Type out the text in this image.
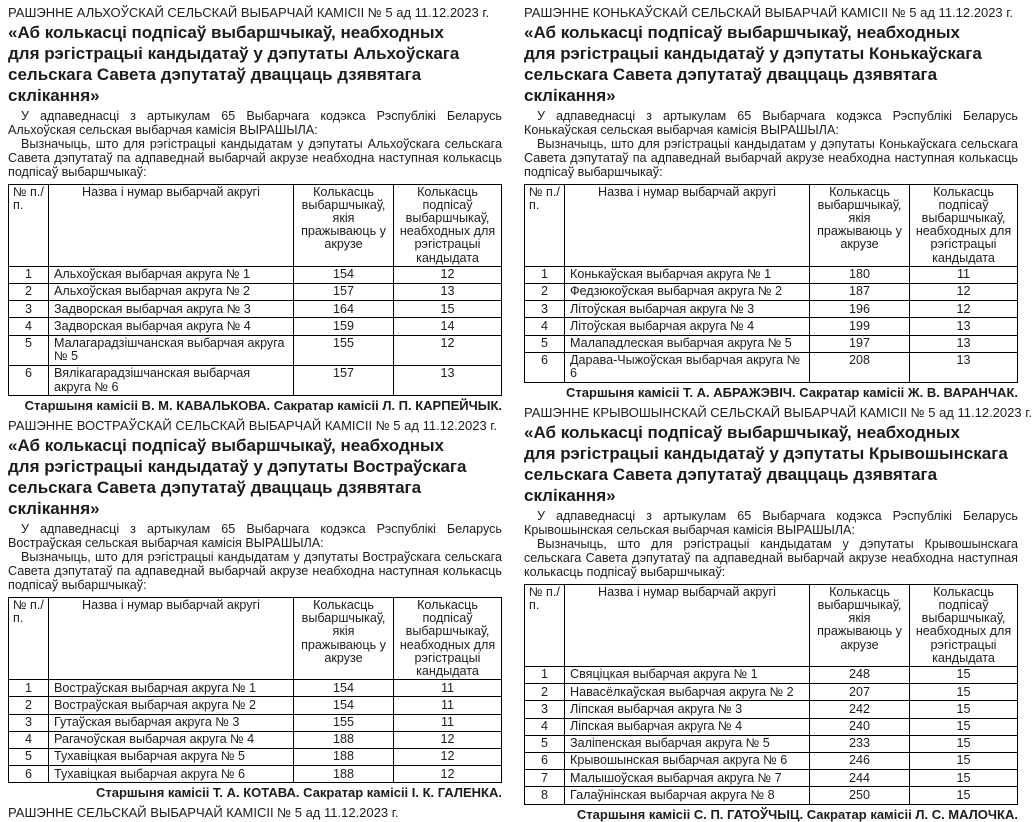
РАШЭННЕ АЛЬХОЎСКАЙ СЕЛЬСКАЙ ВЫБАРЧАЙ КАМІСІІ № 5 ад 11.12.2023 г.
«Аб колькасці подпісаў выбаршчыкаў, неабходных
для рэгістрацыі кандыдатаў у дэпутаты Альхоўскага
сельскага Савета дэпутатаў дваццаць дзявятага склікання»

У адпаведнасці з артыкулам 65 Выбарчага кодэкса Рэспублікі Беларусь Альхоўская сельская выбарчая камісія ВЫРАШЫЛА:

Вызначыць, што для рэгістрацыі кандыдатам у дэпутаты Альхоўскага сельскага Савета дэпутатаў па адпаведнай выбарчай акрузе неабходна наступная колькасць подпісаў выбаршчыкаў:

№ п./п.	Назва і нумар выбарчай акругі	Колькасць выбаршчыкаў, якія пражываюць у акрузе	Колькасць подпісаў выбаршчыкаў, неабходных для рэгістрацыі кандыдата
1	Альхоўская выбарчая акруга № 1	154	12
2	Альхоўская выбарчая акруга № 2	157	13
3	Задворская выбарчая акруга № 3	164	15
4	Задворская выбарчая акруга № 4	159	14
5	Малагарадзішчанская выбарчая акруга № 5	155	12
6	Вялікагарадзішчанская выбарчая акруга № 6	157	13
Старшыня камісіі В. М. КАВАЛЬКОВА. Сакратар камісіі Л. П. КАРПЕЙЧЫК.
РАШЭННЕ ВОСТРАЎСКАЙ СЕЛЬСКАЙ ВЫБАРЧАЙ КАМІСІІ № 5 ад 11.12.2023 г.
«Аб колькасці подпісаў выбаршчыкаў, неабходных
для рэгістрацыі кандыдатаў у дэпутаты Востраўскага
сельскага Савета дэпутатаў дваццаць дзявятага склікання»

У адпаведнасці з артыкулам 65 Выбарчага кодэкса Рэспублікі Беларусь Востраўская сельская выбарчая камісія ВЫРАШЫЛА:

Вызначыць, што для рэгістрацыі кандыдатам у дэпутаты Востраўскага сельскага Савета дэпутатаў па адпаведнай выбарчай акрузе неабходна наступная колькасць подпісаў выбаршчыкаў:

№ п./п.	Назва і нумар выбарчай акругі	Колькасць выбаршчыкаў, якія пражываюць у акрузе	Колькасць подпісаў выбаршчыкаў, неабходных для рэгістрацыі кандыдата
1	Востраўская выбарчая акруга № 1	154	11
2	Востраўская выбарчая акруга № 2	154	11
3	Гутаўская выбарчая акруга № 3	155	11
4	Рагачоўская выбарчая акруга № 4	188	12
5	Тухавіцкая выбарчая акруга № 5	188	12
6	Тухавіцкая выбарчая акруга № 6	188	12
Старшыня камісіі Т. А. КОТАВА. Сакратар камісіі І. К. ГАЛЕНКА.
РАШЭННЕ СЕЛЬСКАЙ ВЫБАРЧАЙ КАМІСІІ № 5 ад 11.12.2023 г.
РАШЭННЕ КОНЬКАЎСКАЙ СЕЛЬСКАЙ ВЫБАРЧАЙ КАМІСІІ № 5 ад 11.12.2023 г.
«Аб колькасці подпісаў выбаршчыкаў, неабходных
для рэгістрацыі кандыдатаў у дэпутаты Конькаўскага
сельскага Савета дэпутатаў дваццаць дзявятага склікання»

У адпаведнасці з артыкулам 65 Выбарчага кодэкса Рэспублікі Беларусь Конькаўская сельская выбарчая камісія ВЫРАШЫЛА:

Вызначыць, што для рэгістрацыі кандыдатам у дэпутаты Конькаўскага сельскага Савета дэпутатаў па адпаведнай выбарчай акрузе неабходна наступная колькасць подпісаў выбаршчыкаў:

№ п./п.	Назва і нумар выбарчай акругі	Колькасць выбаршчыкаў, якія пражываюць у акрузе	Колькасць подпісаў выбаршчыкаў, неабходных для рэгістрацыі кандыдата
1	Конькаўская выбарчая акруга № 1	180	11
2	Федзюкоўская выбарчая акруга № 2	187	12
3	Літоўская выбарчая акруга № 3	196	12
4	Літоўская выбарчая акруга № 4	199	13
5	Малападлеская выбарчая акруга № 5	197	13
6	Дарава-Чыжоўская выбарчая акруга № 6	208	13
Старшыня камісіі Т. А. АБРАЖЭВІЧ. Сакратар камісіі Ж. В. ВАРАНЧАК.
РАШЭННЕ КРЫВОШЫНСКАЙ СЕЛЬСКАЙ ВЫБАРЧАЙ КАМІСІІ № 5 ад 11.12.2023 г.
«Аб колькасці подпісаў выбаршчыкаў, неабходных
для рэгістрацыі кандыдатаў у дэпутаты Крывошынскага
сельскага Савета дэпутатаў дваццаць дзявятага склікання»

У адпаведнасці з артыкулам 65 Выбарчага кодэкса Рэспублікі Беларусь Крывошынская сельская выбарчая камісія ВЫРАШЫЛА:

Вызначыць, што для рэгістрацыі кандыдатам у дэпутаты Крывошынскага сельскага Савета дэпутатаў па адпаведнай выбарчай акрузе неабходна наступная колькасць подпісаў выбаршчыкаў:

№ п./п.	Назва і нумар выбарчай акругі	Колькасць выбаршчыкаў, якія пражываюць у акрузе	Колькасць подпісаў выбаршчыкаў, неабходных для рэгістрацыі кандыдата
1	Свяціцкая выбарчая акруга № 1	248	15
2	Навасёлкаўская выбарчая акруга № 2	207	15
3	Ліпская выбарчая акруга № 3	242	15
4	Ліпская выбарчая акруга № 4	240	15
5	Заліпенская выбарчая акруга № 5	233	15
6	Крывошынская выбарчая акруга № 6	246	15
7	Малышоўская выбарчая акруга № 7	244	15
8	Галаўнінская выбарчая акруга № 8	250	15
Старшыня камісіі С. П. ГАТОЎЧЫЦ. Сакратар камісіі Л. С. МАЛОЧКА.
